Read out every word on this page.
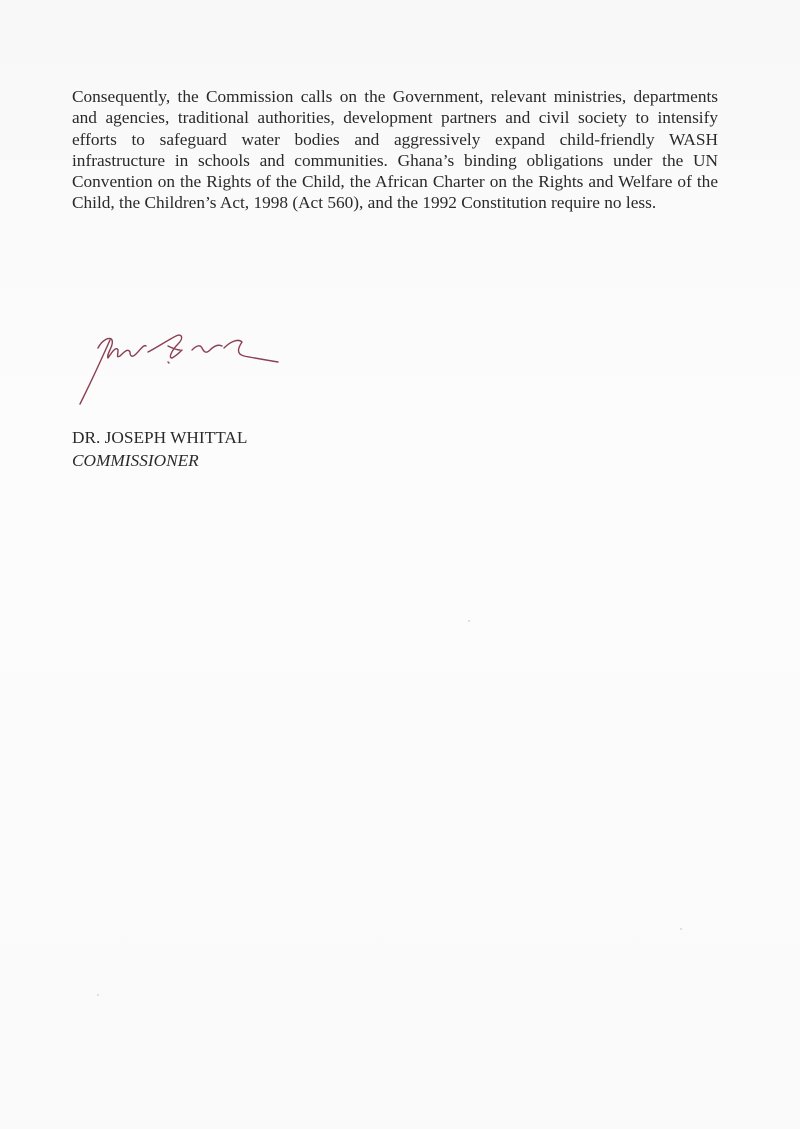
Consequently, the Commission calls on the Government, relevant ministries, departments and agencies, traditional authorities, development partners and civil society to intensify efforts to safeguard water bodies and aggressively expand child-friendly WASH infrastructure in schools and communities. Ghana’s binding obligations under the UN Convention on the Rights of the Child, the African Charter on the Rights and Welfare of the Child, the Children’s Act, 1998 (Act 560), and the 1992 Constitution require no less.

DR. JOSEPH WHITTAL

COMMISSIONER
